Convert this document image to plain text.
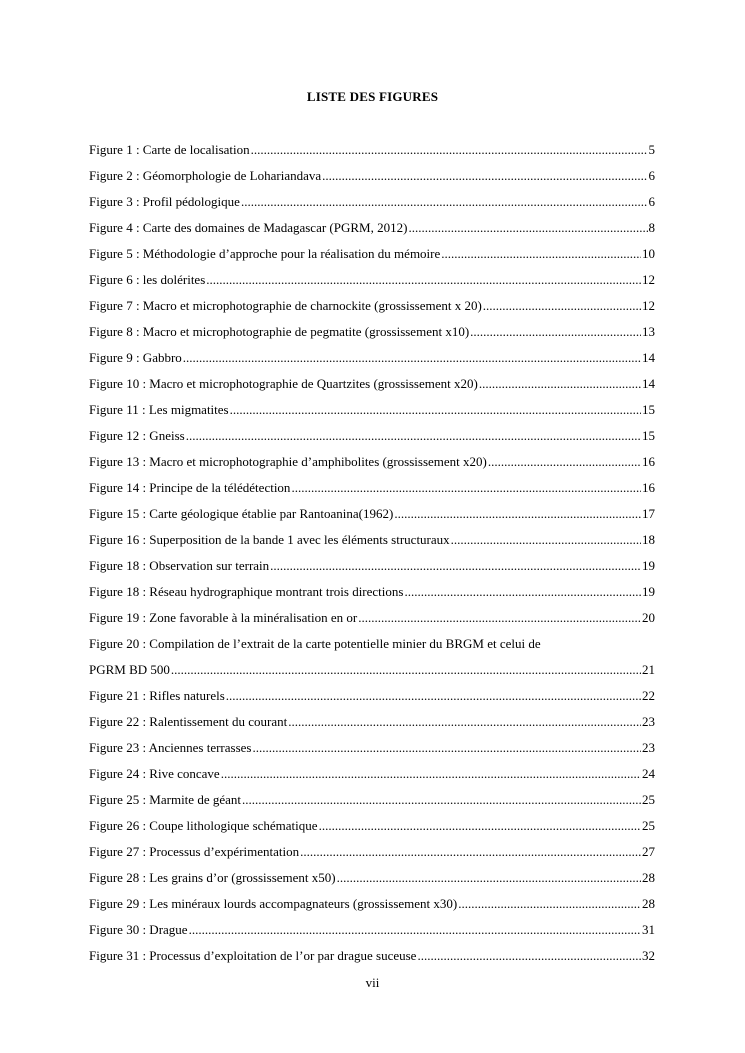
LISTE DES FIGURES
Figure 1 : Carte de localisation .....	5
Figure 2 : Géomorphologie de Lohariandava .....	6
Figure 3 : Profil pédologique .....	6
Figure 4 : Carte des domaines de Madagascar (PGRM, 2012) .....	8
Figure 5 : Méthodologie d’approche pour la réalisation du mémoire .....	10
Figure 6 : les dolérites .....	12
Figure 7 : Macro et microphotographie de charnockite (grossissement x 20) .....	12
Figure 8 : Macro et microphotographie de pegmatite (grossissement x10) .....	13
Figure 9 : Gabbro .....	14
Figure 10 : Macro et microphotographie de Quartzites (grossissement x20) .....	14
Figure 11 : Les migmatites .....	15
Figure 12 : Gneiss .....	15
Figure 13 : Macro et microphotographie d’amphibolites (grossissement x20) .....	16
Figure 14 : Principe de la télédétection .....	16
Figure 15 : Carte géologique établie par Rantoanina(1962) .....	17
Figure 16 : Superposition de la bande 1 avec les éléments structuraux .....	18
Figure 18 : Observation sur terrain .....	19
Figure 18 : Réseau hydrographique montrant trois directions .....	19
Figure 19 : Zone favorable à la minéralisation en or .....	20
Figure 20 : Compilation de l’extrait de la carte potentielle minier du BRGM et celui de
PGRM BD 500 .....	21
Figure 21 : Rifles naturels .....	22
Figure 22 : Ralentissement du courant .....	23
Figure 23 : Anciennes terrasses .....	23
Figure 24 : Rive concave .....	24
Figure 25 : Marmite de géant .....	25
Figure 26 : Coupe lithologique schématique .....	25
Figure 27 : Processus d’expérimentation .....	27
Figure 28 : Les grains d’or (grossissement x50) .....	28
Figure 29 : Les minéraux lourds accompagnateurs (grossissement x30) .....	28
Figure 30 : Drague .....	31
Figure 31 : Processus d’exploitation de l’or par drague suceuse .....	32
vii
